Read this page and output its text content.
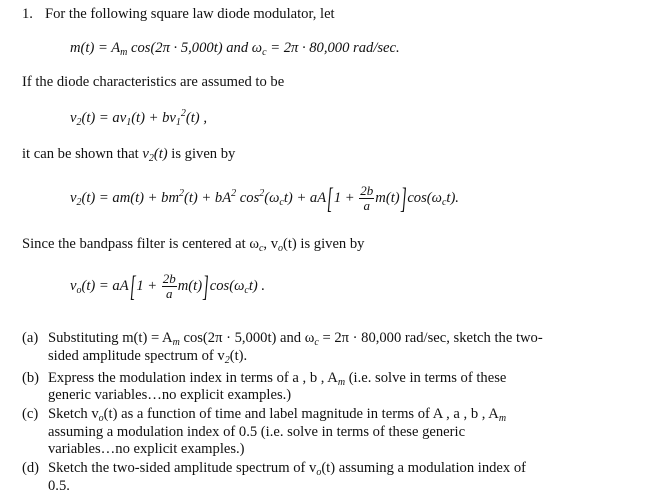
1. For the following square law diode modulator, let
$m(t) = A_m$ cos(2π · 5,000t) and $\omega_c = 2\pi \cdot 80,000$ rad/sec.
If the diode characteristics are assumed to be
$v_2(t) = av_1(t) + bv_1^2(t)$ ,
it can be shown that $v_2(t)$ is given by
$v_2(t) = am(t) + bm^2(t) + bA^2$ $\cos^2(\omega_ct) + aA[1 + \frac{2b}{a} m(t)]\cos(\omega_ct)$.
Since the bandpass filter is centered at $\omega_c$, $v_o(t)$ is given by
$v_o(t) = aA[1 + \frac{2b}{a} m(t)]\cos(\omega_ct)$ .
(a) Substituting $m(t) = A_m$ cos(2π · 5,000t) and $\omega_c = 2\pi \cdot 80,000$ rad/sec, sketch the two-
sided amplitude spectrum of $v_2(t)$.
(b) Express the modulation index in terms of a , b , $A_m$ (i.e. solve in terms of these
generic variables…no explicit examples.)
(c) Sketch $v_o(t)$ as a function of time and label magnitude in terms of A , a , b , $A_m$
assuming a modulation index of 0.5 (i.e. solve in terms of these generic
variables…no explicit examples.)
(d) Sketch the two-sided amplitude spectrum of $v_o(t)$ assuming a modulation index of
0.5.
